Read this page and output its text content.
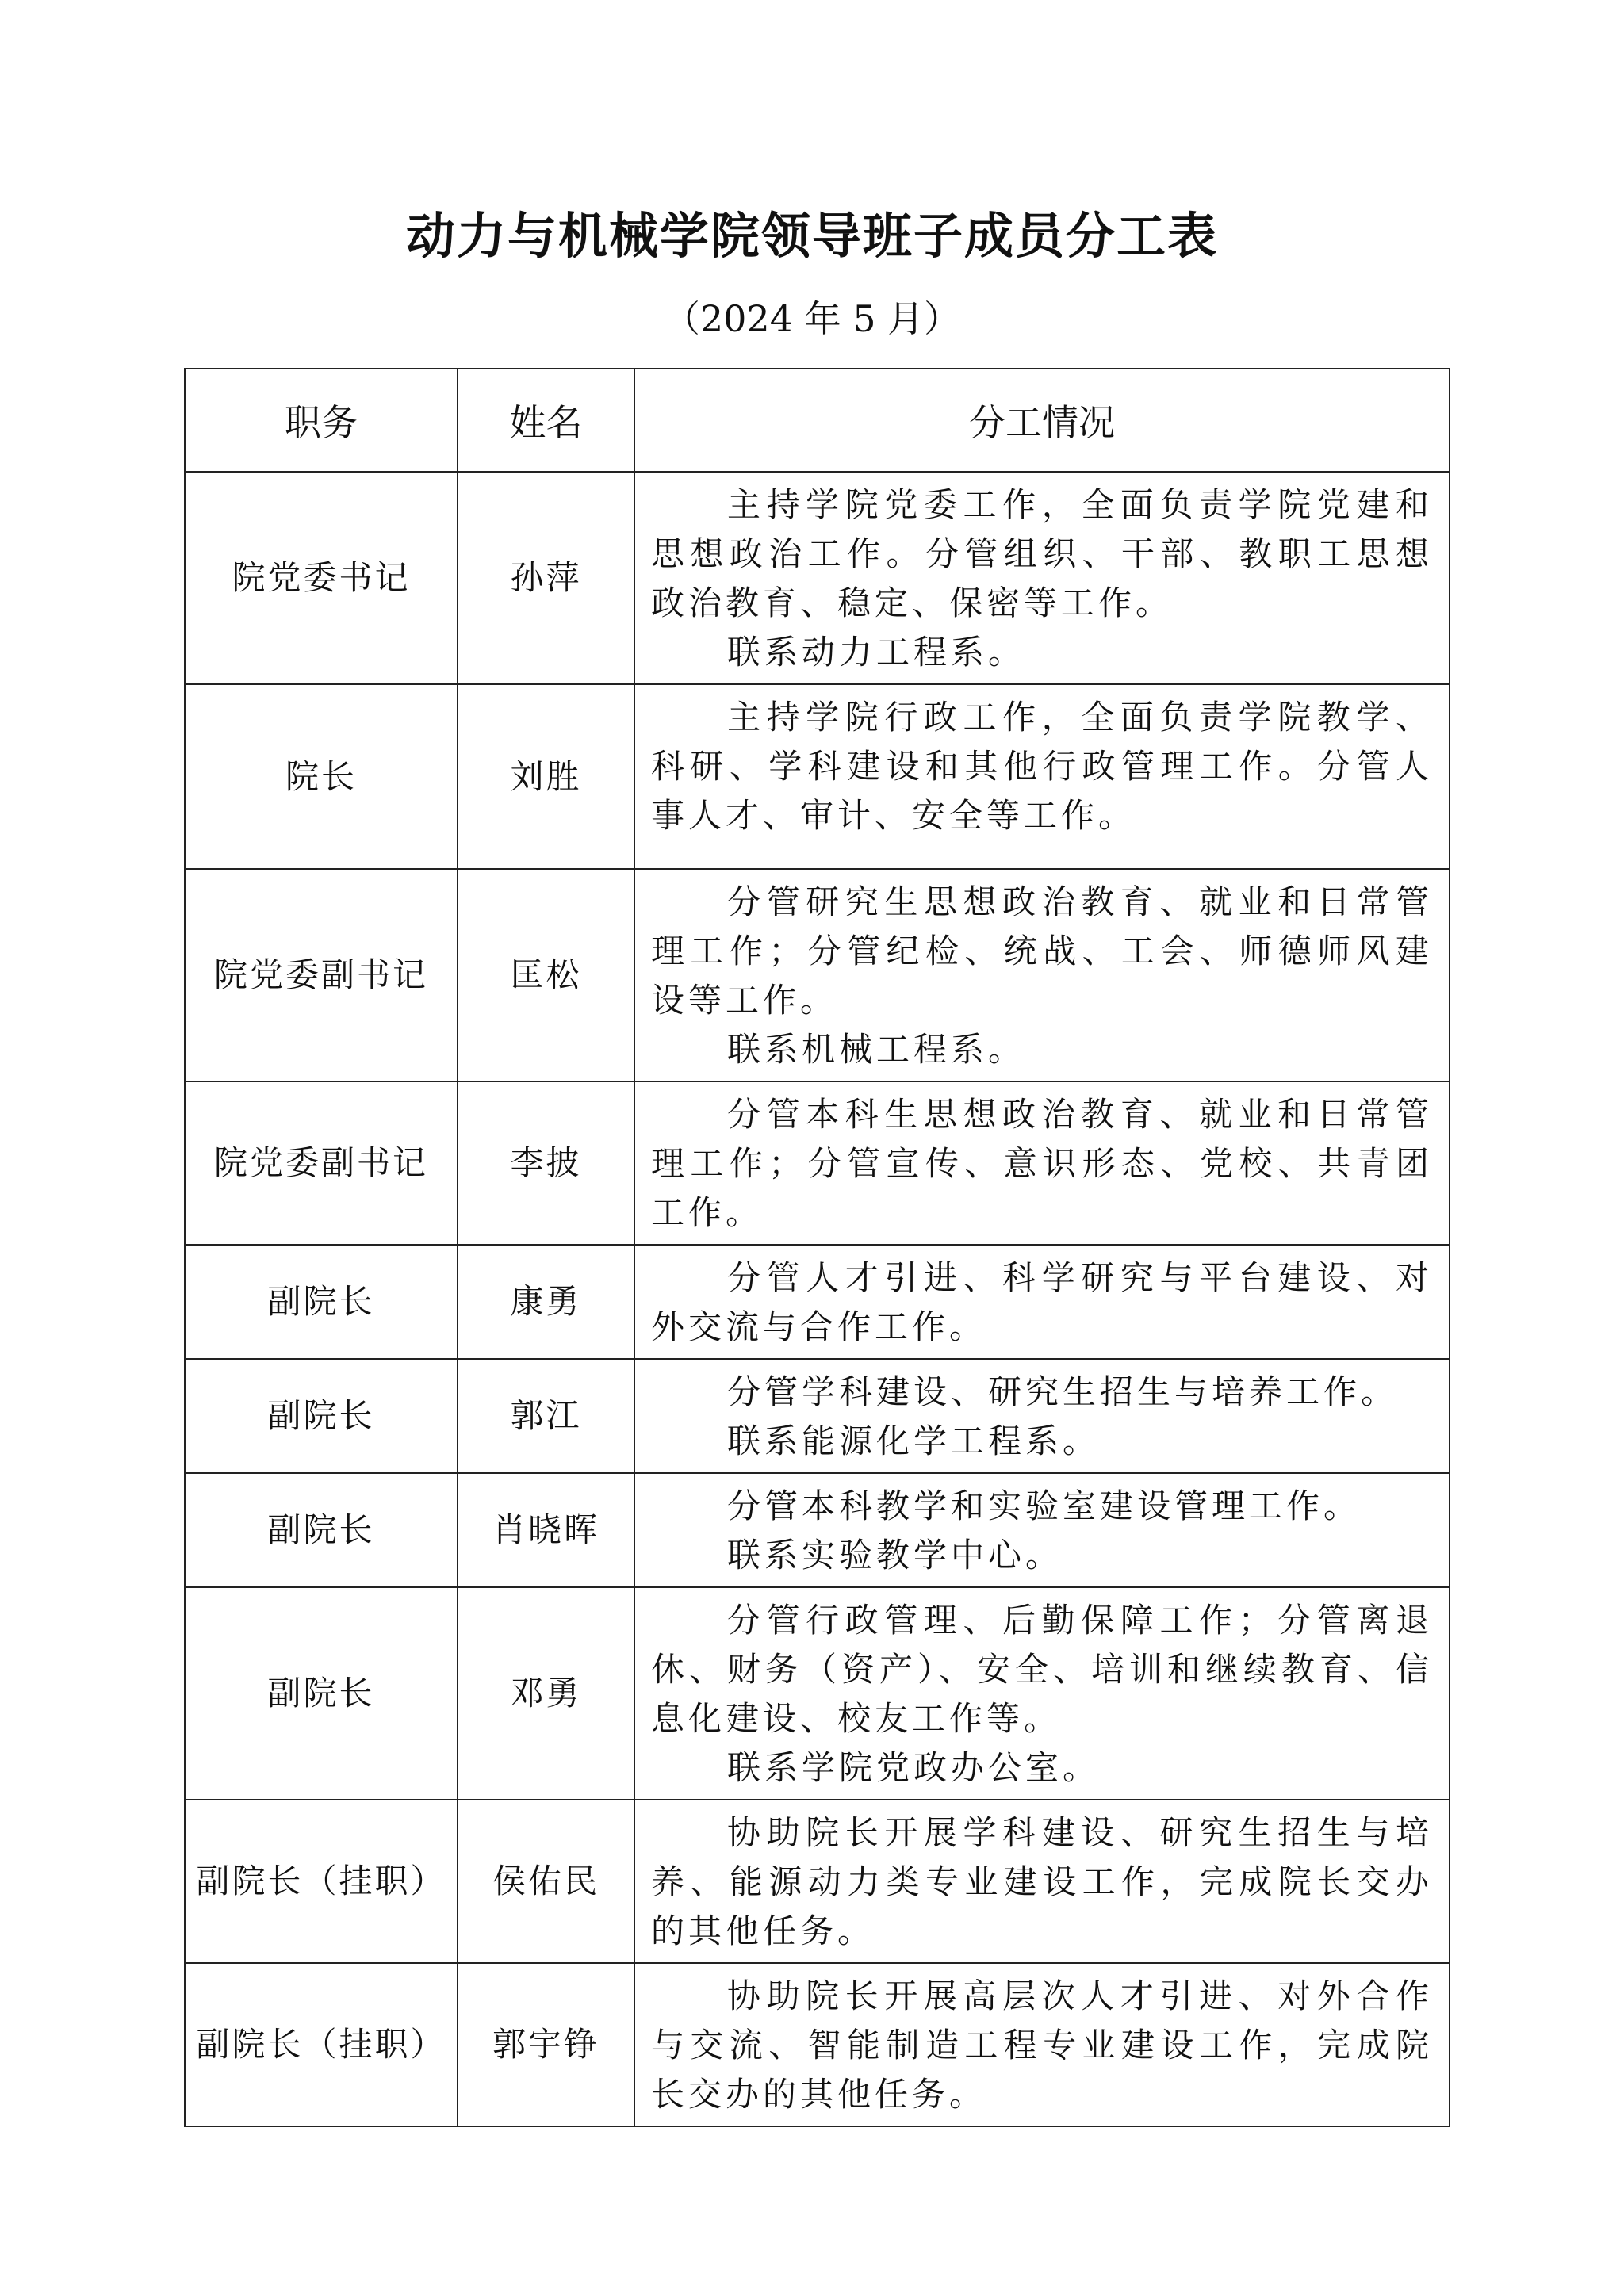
动力与机械学院领导班子成员分工表
（2024 年 5 月）
职务	姓名	分工情况
院党委书记	孙萍	主持学院党委工作，全面负责学院党建和思想政治工作。分管组织、干部、教职工思想政治教育、稳定、保密等工作。

联系动力工程系。

院长	刘胜	主持学院行政工作，全面负责学院教学、科研、学科建设和其他行政管理工作。分管人事人才、审计、安全等工作。

院党委副书记	匡松	分管研究生思想政治教育、就业和日常管理工作；分管纪检、统战、工会、师德师风建设等工作。

联系机械工程系。

院党委副书记	李披	分管本科生思想政治教育、就业和日常管理工作；分管宣传、意识形态、党校、共青团工作。

副院长	康勇	分管人才引进、科学研究与平台建设、对外交流与合作工作。

副院长	郭江	分管学科建设、研究生招生与培养工作。

联系能源化学工程系。

副院长	肖晓晖	分管本科教学和实验室建设管理工作。

联系实验教学中心。

副院长	邓勇	分管行政管理、后勤保障工作；分管离退休、财务（资产）、安全、培训和继续教育、信息化建设、校友工作等。

联系学院党政办公室。

副院长（挂职）	侯佑民	协助院长开展学科建设、研究生招生与培养、能源动力类专业建设工作，完成院长交办的其他任务。

副院长（挂职）	郭宇铮	协助院长开展高层次人才引进、对外合作与交流、智能制造工程专业建设工作，完成院长交办的其他任务。
